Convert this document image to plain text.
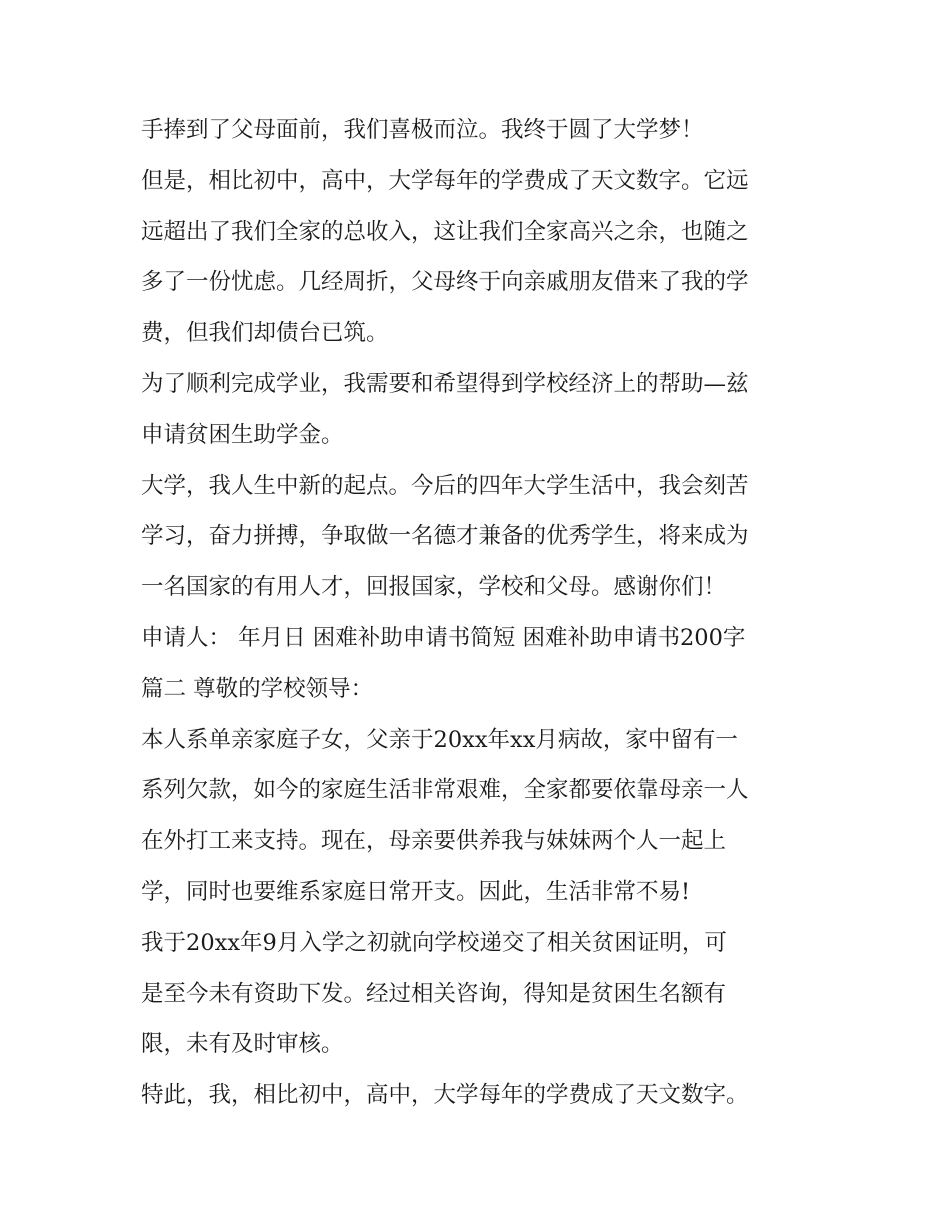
手捧到了父母面前，我们喜极而泣。我终于圆了大学梦！
但是，相比初中，高中，大学每年的学费成了天文数字。它远
远超出了我们全家的总收入，这让我们全家高兴之余，也随之
多了一份忧虑。几经周折，父母终于向亲戚朋友借来了我的学
费，但我们却债台已筑。
为了顺利完成学业，我需要和希望得到学校经济上的帮助—兹
申请贫困生助学金。
大学，我人生中新的起点。今后的四年大学生活中，我会刻苦
学习，奋力拼搏，争取做一名德才兼备的优秀学生，将来成为
一名国家的有用人才，回报国家，学校和父母。感谢你们！
申请人： 年月日 困难补助申请书简短 困难补助申请书200字
篇二 尊敬的学校领导：
本人系单亲家庭子女，父亲于20xx年xx月病故，家中留有一
系列欠款，如今的家庭生活非常艰难，全家都要依靠母亲一人
在外打工来支持。现在，母亲要供养我与妹妹两个人一起上
学，同时也要维系家庭日常开支。因此，生活非常不易!
我于20xx年9月入学之初就向学校递交了相关贫困证明，可
是至今未有资助下发。经过相关咨询，得知是贫困生名额有
限，未有及时审核。
特此，我，相比初中，高中，大学每年的学费成了天文数字。
